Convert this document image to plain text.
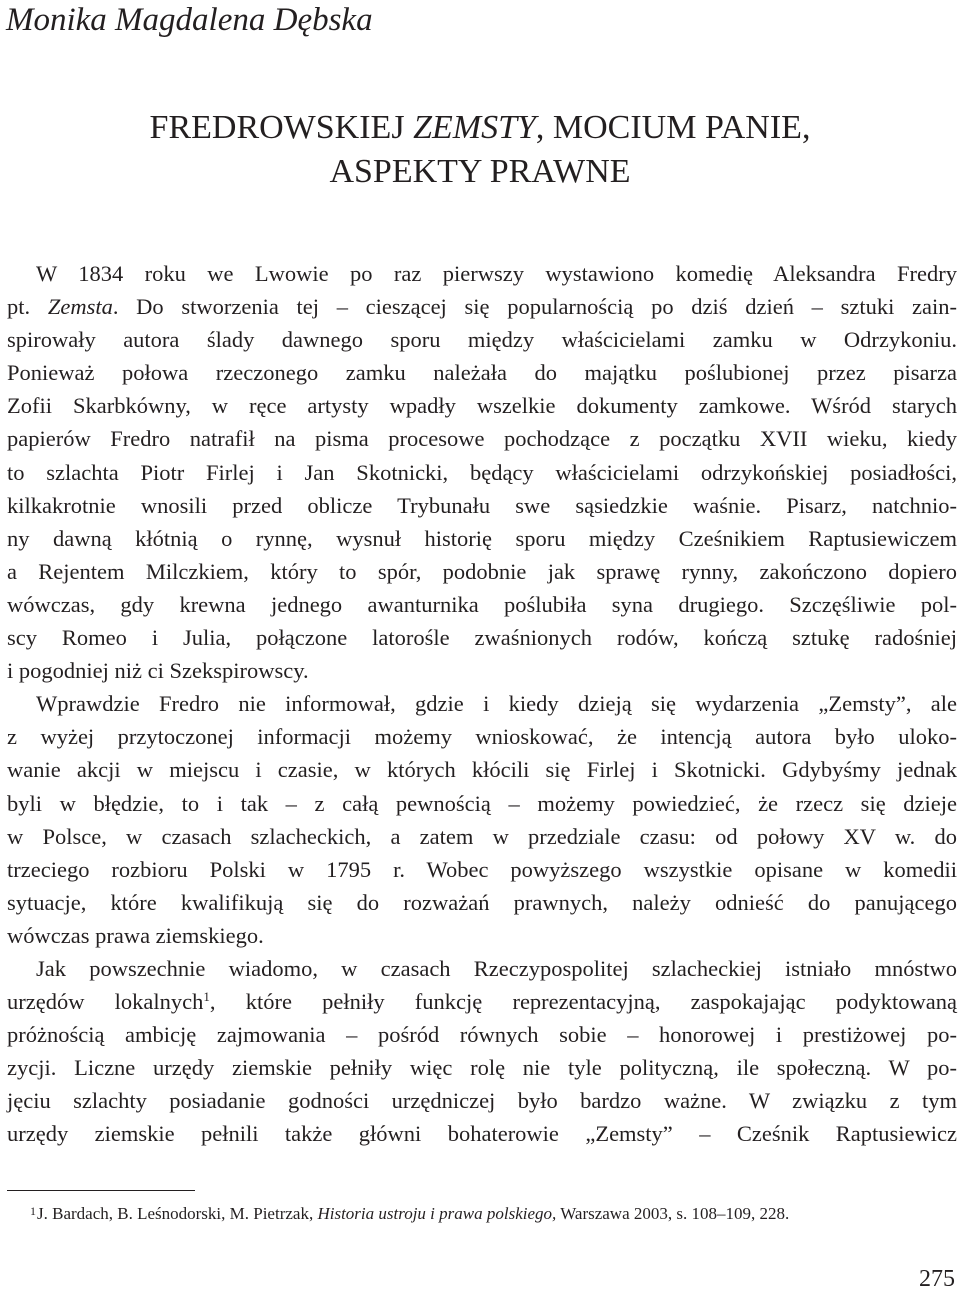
Monika Magdalena Dębska

FREDROWSKIEJ ZEMSTY, MOCIUM PANIE,
ASPEKTY PRAWNE
W 1834 roku we Lwowie po raz pierwszy wystawiono komedię Aleksandra Fredry
pt. Zemsta. Do stworzenia tej – cieszącej się popularnością po dziś dzień – sztuki zain-
spirowały autora ślady dawnego sporu między właścicielami zamku w Odrzykoniu.
Ponieważ połowa rzeczonego zamku należała do majątku poślubionej przez pisarza
Zofii Skarbkówny, w ręce artysty wpadły wszelkie dokumenty zamkowe. Wśród starych
papierów Fredro natrafił na pisma procesowe pochodzące z początku XVII wieku, kiedy
to szlachta Piotr Firlej i Jan Skotnicki, będący właścicielami odrzykońskiej posiadłości,
kilkakrotnie wnosili przed oblicze Trybunału swe sąsiedzkie waśnie. Pisarz, natchnio-
ny dawną kłótnią o rynnę, wysnuł historię sporu między Cześnikiem Raptusiewiczem
a Rejentem Milczkiem, który to spór, podobnie jak sprawę rynny, zakończono dopiero
wówczas, gdy krewna jednego awanturnika poślubiła syna drugiego. Szczęśliwie pol-
scy Romeo i Julia, połączone latorośle zwaśnionych rodów, kończą sztukę radośniej
i pogodniej niż ci Szekspirowscy.
Wprawdzie Fredro nie informował, gdzie i kiedy dzieją się wydarzenia „Zemsty”, ale
z wyżej przytoczonej informacji możemy wnioskować, że intencją autora było uloko-
wanie akcji w miejscu i czasie, w których kłócili się Firlej i Skotnicki. Gdybyśmy jednak
byli w błędzie, to i tak – z całą pewnością – możemy powiedzieć, że rzecz się dzieje
w Polsce, w czasach szlacheckich, a zatem w przedziale czasu: od połowy XV w. do
trzeciego rozbioru Polski w 1795 r. Wobec powyższego wszystkie opisane w komedii
sytuacje, które kwalifikują się do rozważań prawnych, należy odnieść do panującego
wówczas prawa ziemskiego.
Jak powszechnie wiadomo, w czasach Rzeczypospolitej szlacheckiej istniało mnóstwo
urzędów lokalnych$^1$, które pełniły funkcję reprezentacyjną, zaspokajając podyktowaną
próżnością ambicję zajmowania – pośród równych sobie – honorowej i prestiżowej po-
zycji. Liczne urzędy ziemskie pełniły więc rolę nie tyle polityczną, ile społeczną. W po-
jęciu szlachty posiadanie godności urzędniczej było bardzo ważne. W związku z tym
urzędy ziemskie pełnili także główni bohaterowie „Zemsty” – Cześnik Raptusiewicz

1 J. Bardach, B. Leśnodorski, M. Pietrzak, Historia ustroju i prawa polskiego, Warszawa 2003, s. 108–109, 228.

275
